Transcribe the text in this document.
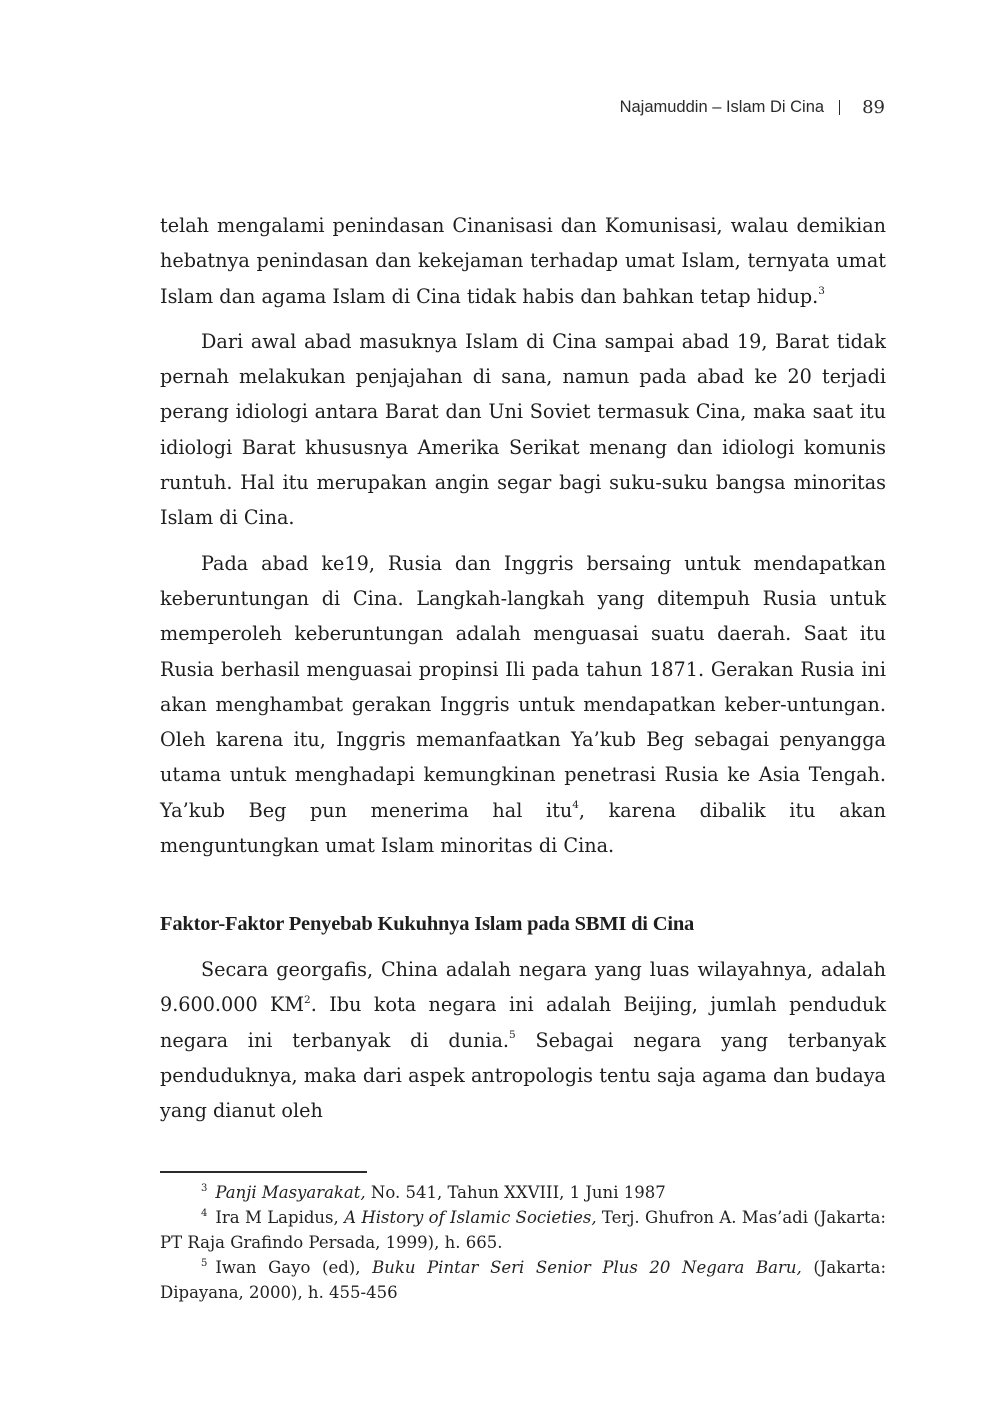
Najamuddin – Islam Di Cina 89

telah mengalami penindasan Cinanisasi dan Komunisasi, walau demikian hebatnya penindasan dan kekejaman terhadap umat Islam, ternyata umat Islam dan agama Islam di Cina tidak habis dan bahkan tetap hidup.$^3$

Dari awal abad masuknya Islam di Cina sampai abad 19, Barat tidak pernah melakukan penjajahan di sana, namun pada abad ke 20 terjadi perang idiologi antara Barat dan Uni Soviet termasuk Cina, maka saat itu idiologi Barat khususnya Amerika Serikat menang dan idiologi komunis runtuh. Hal itu merupakan angin segar bagi suku-suku bangsa minoritas Islam di Cina.

Pada abad ke19, Rusia dan Inggris bersaing untuk mendapatkan keberuntungan di Cina. Langkah-langkah yang ditempuh Rusia untuk memperoleh keberuntungan adalah menguasai suatu daerah. Saat itu Rusia berhasil menguasai propinsi Ili pada tahun 1871. Gerakan Rusia ini akan menghambat gerakan Inggris untuk mendapatkan keber-untungan. Oleh karena itu, Inggris memanfaatkan Ya’kub Beg sebagai penyangga utama untuk menghadapi kemungkinan penetrasi Rusia ke Asia Tengah. Ya’kub Beg pun menerima hal itu$^4$, karena dibalik itu akan menguntungkan umat Islam minoritas di Cina.

Faktor-Faktor Penyebab Kukuhnya Islam pada SBMI di Cina

Secara georgafis, China adalah negara yang luas wilayahnya, adalah 9.600.000 $KM^2$. Ibu kota negara ini adalah Beijing, jumlah penduduk negara ini terbanyak di dunia.$^5$ Sebagai negara yang terbanyak penduduknya, maka dari aspek antropologis tentu saja agama dan budaya yang dianut oleh

$^3$ Panji Masyarakat, No. 541, Tahun XXVIII, 1 Juni 1987

$^4$ Ira M Lapidus, A History of Islamic Societies, Terj. Ghufron A. Mas’adi (Jakarta: PT Raja Grafindo Persada, 1999), h. 665.

$^5$ Iwan Gayo (ed), Buku Pintar Seri Senior Plus 20 Negara Baru, (Jakarta: Dipayana, 2000), h. 455-456
